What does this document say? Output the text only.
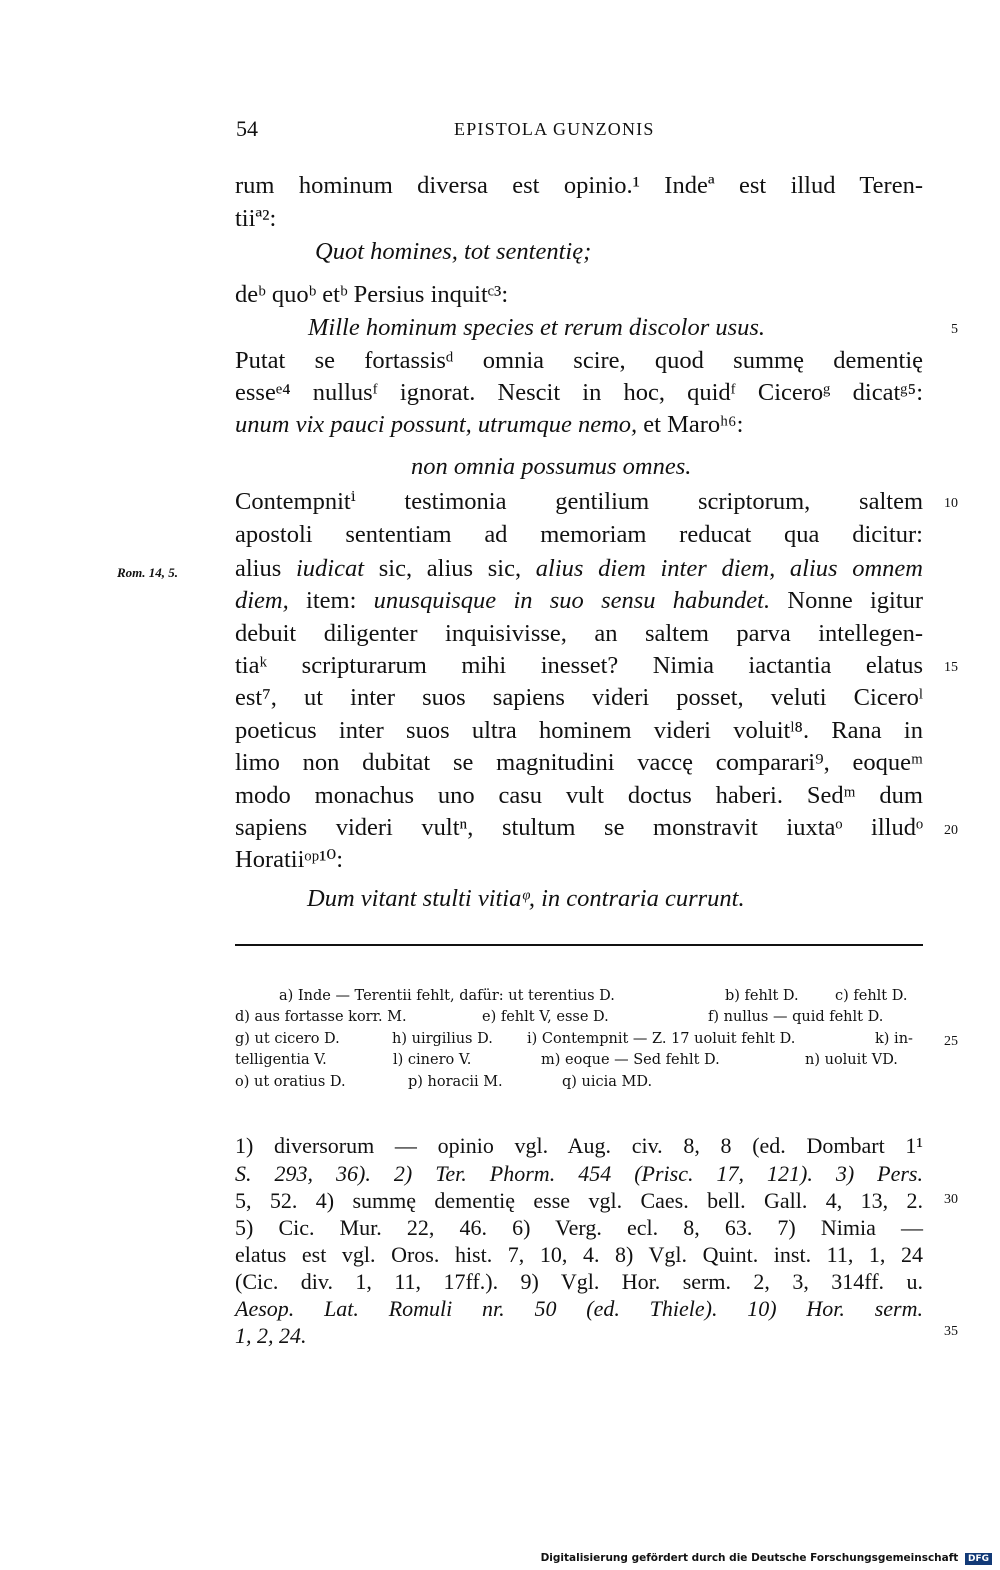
54	EPISTOLA GUNZONIS
rum hominum diversa est opinio.¹ Indeª est illud Teren-
tiiª²:
Quot homines, tot sententię;
deᵇ quoᵇ etᵇ Persius inquitᶜ³:
Mille hominum species et rerum discolor usus.
Putat se fortassisᵈ omnia scire, quod summę dementię
esseᵉ⁴ nullusᶠ ignorat. Nescit in hoc, quidᶠ Ciceroᵍ dicatᵍ⁵:
unum vix pauci possunt, utrumque nemo, et Maroʰ⁶:
non omnia possumus omnes.
Contempnitⁱ testimonia gentilium scriptorum, saltem
apostoli sententiam ad memoriam reducat qua dicitur:
alius iudicat sic, alius sic, alius diem inter diem, alius omnem
diem, item: unusquisque in suo sensu habundet. Nonne igitur
debuit diligenter inquisivisse, an saltem parva intellegen-
tiaᵏ scripturarum mihi inesset? Nimia iactantia elatus
est⁷, ut inter suos sapiens videri posset, veluti Ciceroˡ
poeticus inter suos ultra hominem videri voluitˡ⁸. Rana in
limo non dubitat se magnitudini vaccę comparari⁹, eoqueᵐ
modo monachus uno casu vult doctus haberi. Sedᵐ dum
sapiens videri vultⁿ, stultum se monstravit iuxtaᵒ illudᵒ
Horatiiᵒᵖ¹⁰:
Dum vitant stulti vitiaᵠ, in contraria currunt.
Rom. 14, 5.
5
10
15
20
25
30
35
a) Inde — Terentii fehlt, dafür: ut terentius D.	b) fehlt D.	c) fehlt D.
d) aus fortasse korr. M.	e) fehlt V, esse D.	f) nullus — quid fehlt D.
g) ut cicero D.	h) uirgilius D. i) Contempnit — Z. 17 uoluit fehlt D.	k) in-
telligentia V.	l) cinero V.	m) eoque — Sed fehlt D.	n) uoluit VD.
o) ut oratius D.	p) horacii M.	q) uicia MD.
1) diversorum — opinio vgl. Aug. civ. 8, 8 (ed. Dombart 1¹
S. 293, 36). 2) Ter. Phorm. 454 (Prisc. 17, 121). 3) Pers.
5, 52. 4) summę dementię esse vgl. Caes. bell. Gall. 4, 13, 2.
5) Cic. Mur. 22, 46. 6) Verg. ecl. 8, 63. 7) Nimia —
elatus est vgl. Oros. hist. 7, 10, 4. 8) Vgl. Quint. inst. 11, 1, 24
(Cic. div. 1, 11, 17ff.). 9) Vgl. Hor. serm. 2, 3, 314ff. u.
Aesop. Lat. Romuli nr. 50 (ed. Thiele). 10) Hor. serm.
1, 2, 24.
Digitalisierung gefördert durch die Deutsche Forschungsgemeinschaft DFG
